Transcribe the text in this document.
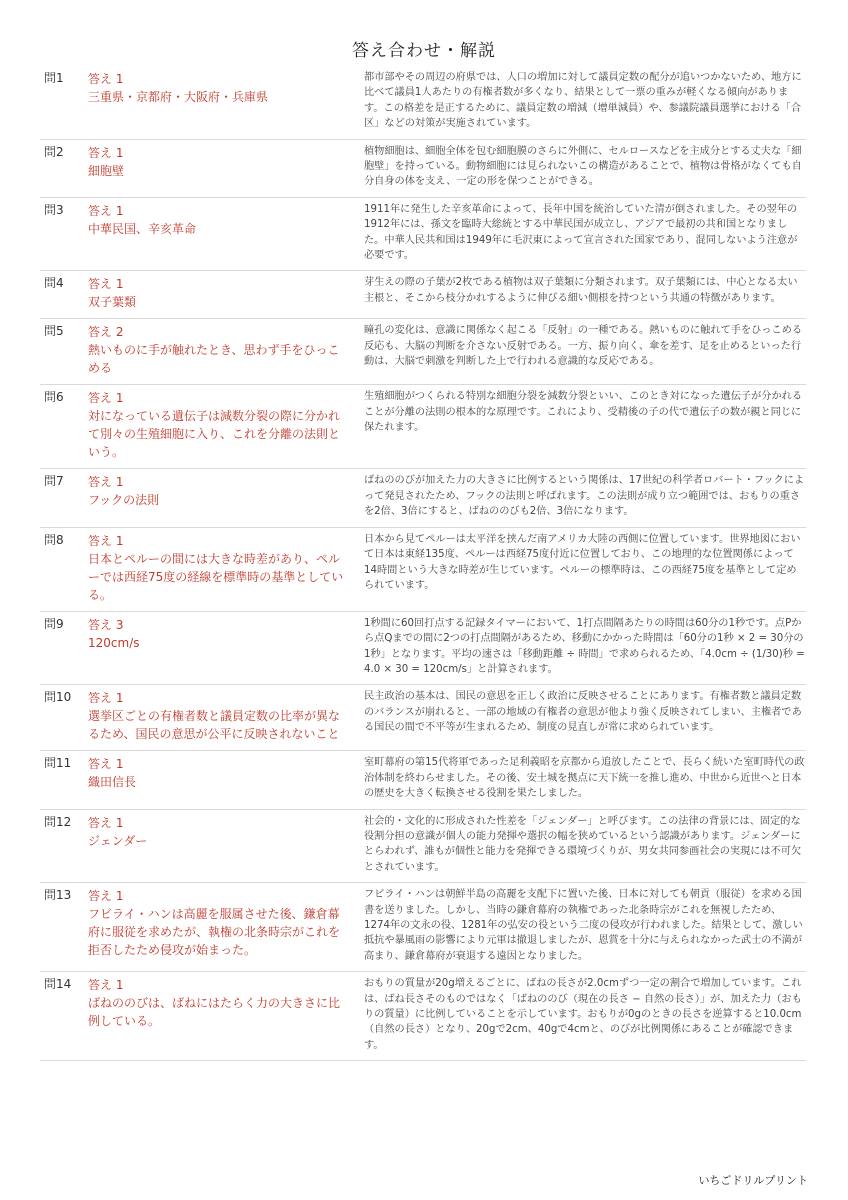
答え合わせ・解説
問1	答え 1
三重県・京都府・大阪府・兵庫県	都市部やその周辺の府県では、人口の増加に対して議員定数の配分が追いつかないため、地方に比べて議員1人あたりの有権者数が多くなり、結果として一票の重みが軽くなる傾向があります。この格差を是正するために、議員定数の増減（增単減員）や、参議院議員選挙における「合区」などの対策が実施されています。

問2	答え 1
細胞壁	植物細胞は、細胞全体を包む細胞膜のさらに外側に、セルロースなどを主成分とする丈夫な「細胞壁」を持っている。動物細胞には見られないこの構造があることで、植物は骨格がなくても自分自身の体を支え、一定の形を保つことができる。

問3	答え 1
中華民国、辛亥革命	1911年に発生した辛亥革命によって、長年中国を統治していた清が倒されました。その翌年の1912年には、孫文を臨時大総統とする中華民国が成立し、アジアで最初の共和国となりました。中華人民共和国は1949年に毛沢東によって宣言された国家であり、混同しないよう注意が必要です。

問4	答え 1
双子葉類	芽生えの際の子葉が2枚である植物は双子葉類に分類されます。双子葉類には、中心となる太い主根と、そこから枝分かれするように伸びる細い側根を持つという共通の特徴があります。

問5	答え 2
熱いものに手が触れたとき、思わず手をひっこめる	瞳孔の変化は、意識に関係なく起こる「反射」の一種である。熱いものに触れて手をひっこめる反応も、大脳の判断を介さない反射である。一方、振り向く、傘を差す、足を止めるといった行動は、大脳で刺激を判断した上で行われる意識的な反応である。

問6	答え 1
対になっている遺伝子は減数分裂の際に分かれて別々の生殖細胞に入り、これを分離の法則という。	生殖細胞がつくられる特別な細胞分裂を減数分裂といい、このとき対になった遺伝子が分かれることが分離の法則の根本的な原理です。これにより、受精後の子の代で遺伝子の数が親と同じに保たれます。

問7	答え 1
フックの法則	ばねののびが加えた力の大きさに比例するという関係は、17世紀の科学者ロバート・フックによって発見されたため、フックの法則と呼ばれます。この法則が成り立つ範囲では、おもりの重さを2倍、3倍にすると、ばねののびも2倍、3倍になります。

問8	答え 1
日本とペルーの間には大きな時差があり、ペルーでは西経75度の経線を標準時の基準としている。	日本から見てペルーは太平洋を挟んだ南アメリカ大陸の西側に位置しています。世界地図において日本は東経135度、ペルーは西経75度付近に位置しており、この地理的な位置関係によって14時間という大きな時差が生じています。ペルーの標準時は、この西経75度を基準として定められています。

問9	答え 3
120cm/s	1秒間に60回打点する記録タイマーにおいて、1打点間隔あたりの時間は60分の1秒です。点Pから点Qまでの間に2つの打点間隔があるため、移動にかかった時間は「60分の1秒 × 2 = 30分の1秒」となります。平均の速さは「移動距離 ÷ 時間」で求められるため、「4.0cm ÷ (1/30)秒 = 4.0 × 30 = 120cm/s」と計算されます。

問10	答え 1
選挙区ごとの有権者数と議員定数の比率が異なるため、国民の意思が公平に反映されないこと	民主政治の基本は、国民の意思を正しく政治に反映させることにあります。有権者数と議員定数のバランスが崩れると、一部の地域の有権者の意思が他より強く反映されてしまい、主権者である国民の間で不平等が生まれるため、制度の見直しが常に求められています。

問11	答え 1
織田信長	室町幕府の第15代将軍であった足利義昭を京都から追放したことで、長らく続いた室町時代の政治体制を終わらせました。その後、安土城を拠点に天下統一を推し進め、中世から近世へと日本の歴史を大きく転換させる役割を果たしました。

問12	答え 1
ジェンダー	社会的・文化的に形成された性差を「ジェンダー」と呼びます。この法律の背景には、固定的な役割分担の意識が個人の能力発揮や選択の幅を狭めているという認識があります。ジェンダーにとらわれず、誰もが個性と能力を発揮できる環境づくりが、男女共同参画社会の実現には不可欠とされています。

問13	答え 1
フビライ・ハンは高麗を服属させた後、鎌倉幕府に服従を求めたが、執権の北条時宗がこれを拒否したため侵攻が始まった。	フビライ・ハンは朝鮮半島の高麗を支配下に置いた後、日本に対しても朝貢（服従）を求める国書を送りました。しかし、当時の鎌倉幕府の執権であった北条時宗がこれを無視したため、1274年の文永の役、1281年の弘安の役という二度の侵攻が行われました。結果として、激しい抵抗や暴風雨の影響により元軍は撤退しましたが、恩賞を十分に与えられなかった武士の不満が高まり、鎌倉幕府が衰退する遠因となりました。

問14	答え 1
ばねののびは、ばねにはたらく力の大きさに比例している。	おもりの質量が20g増えるごとに、ばねの長さが2.0cmずつ一定の割合で増加しています。これは、ばね長さそのものではなく「ばねののび（現在の長さ − 自然の長さ）」が、加えた力（おもりの質量）に比例していることを示しています。おもりが0gのときの長さを逆算すると10.0cm（自然の長さ）となり、20gで2cm、40gで4cmと、のびが比例関係にあることが確認できます。
いちごドリルプリント
